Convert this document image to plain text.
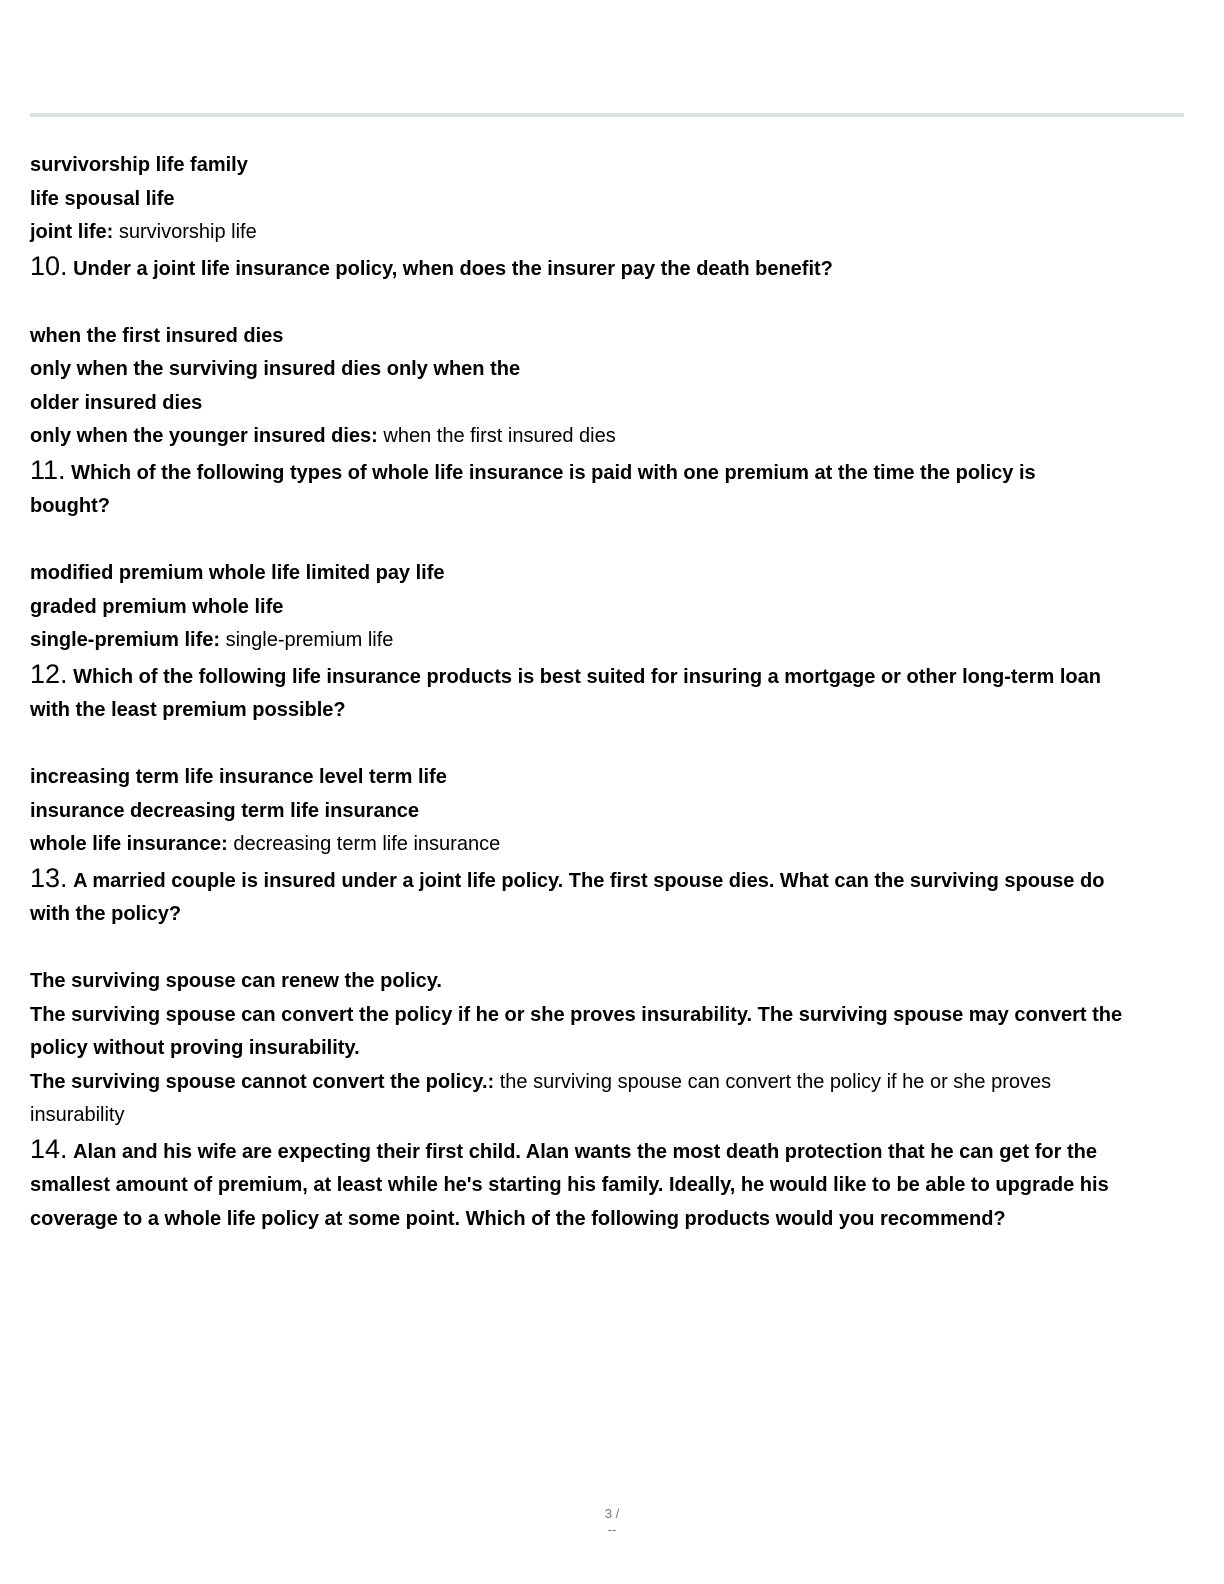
survivorship life family
life spousal life
joint life: survivorship life
10. Under a joint life insurance policy, when does the insurer pay the death benefit?
when the first insured dies
only when the surviving insured dies only when the
older insured dies
only when the younger insured dies: when the first insured dies
11. Which of the following types of whole life insurance is paid with one premium at the time the policy is
bought?
modified premium whole life limited pay life
graded premium whole life
single-premium life: single-premium life
12. Which of the following life insurance products is best suited for insuring a mortgage or other long-term loan
with the least premium possible?
increasing term life insurance level term life
insurance decreasing term life insurance
whole life insurance: decreasing term life insurance
13. A married couple is insured under a joint life policy. The first spouse dies. What can the surviving spouse do
with the policy?
The surviving spouse can renew the policy.
The surviving spouse can convert the policy if he or she proves insurability. The surviving spouse may convert the
policy without proving insurability.
The surviving spouse cannot convert the policy.: the surviving spouse can convert the policy if he or she proves
insurability
14. Alan and his wife are expecting their first child. Alan wants the most death protection that he can get for the
smallest amount of premium, at least while he's starting his family. Ideally, he would like to be able to upgrade his
coverage to a whole life policy at some point. Which of the following products would you recommend?
3 /
--
